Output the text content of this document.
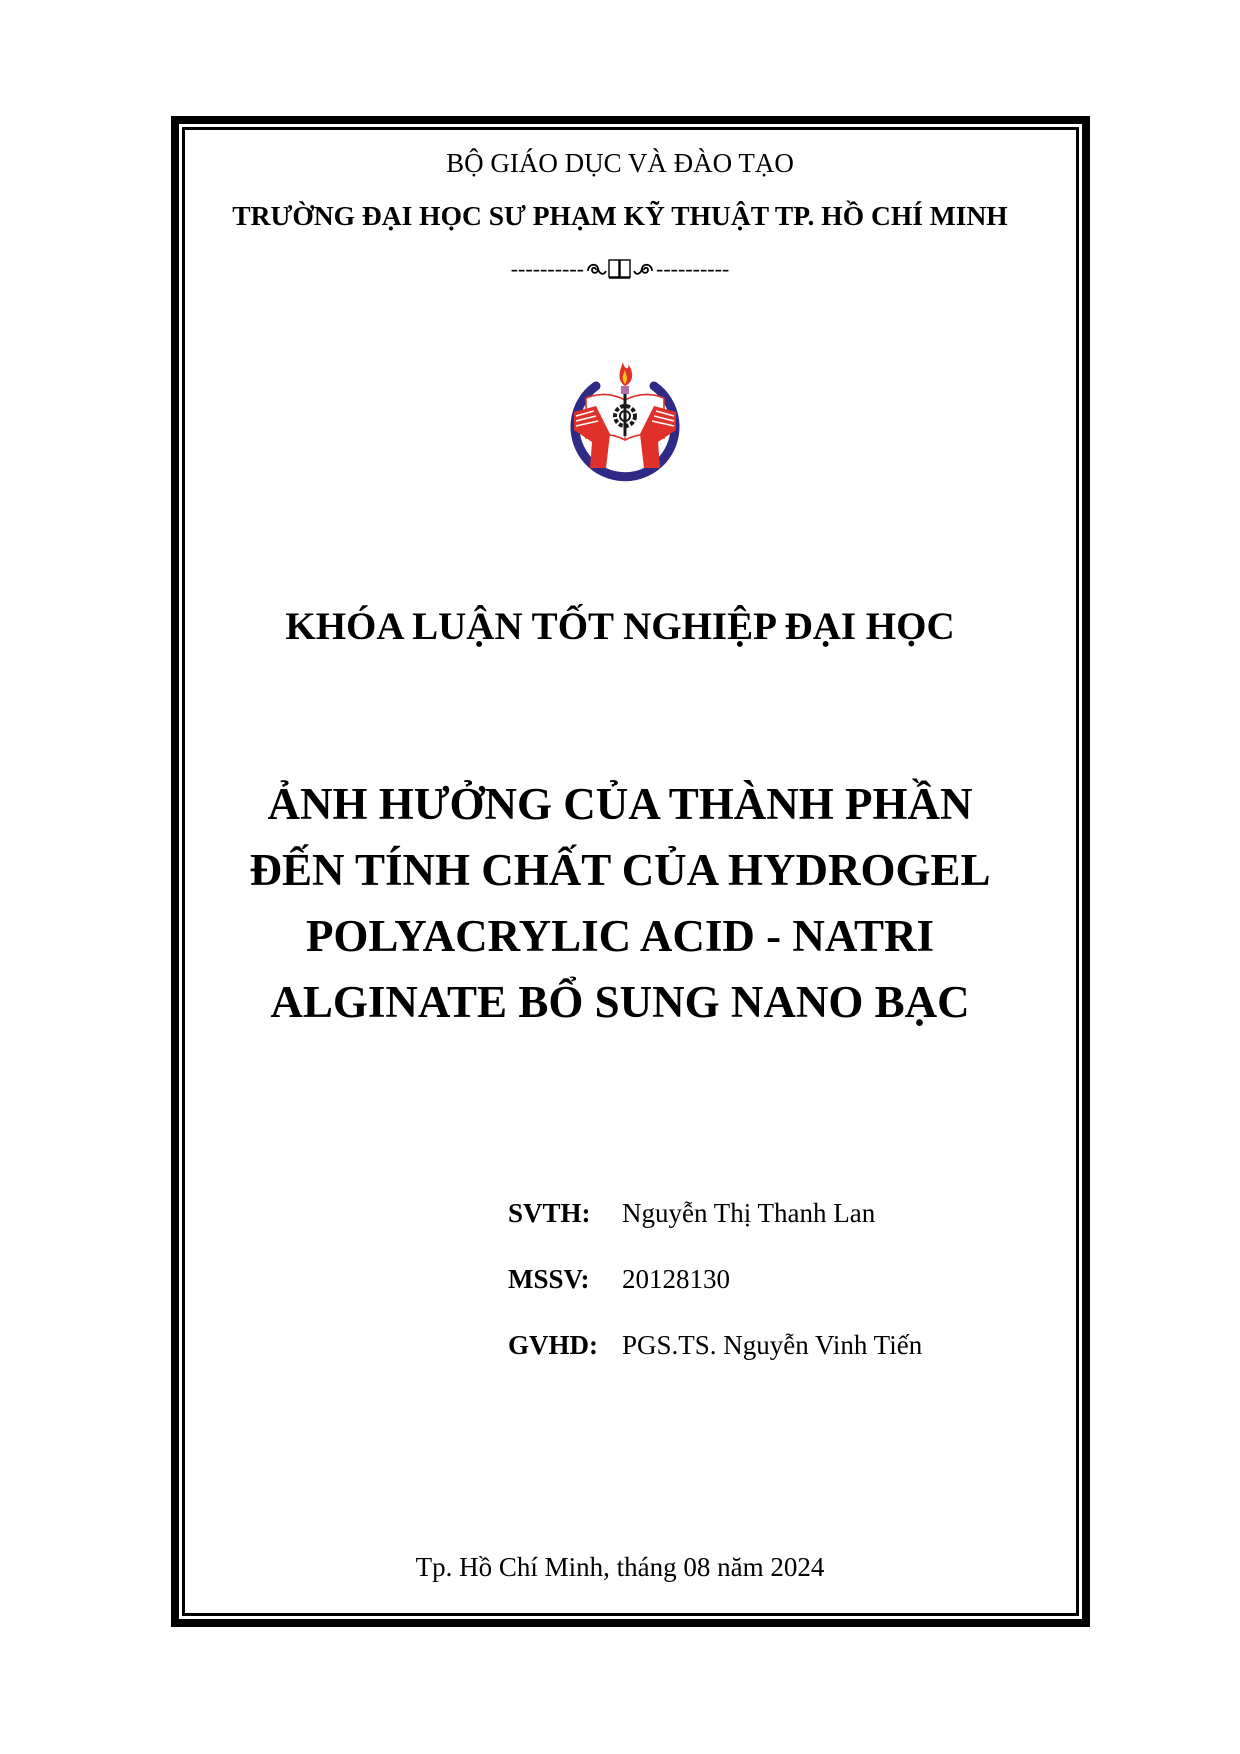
BỘ GIÁO DỤC VÀ ĐÀO TẠO
TRƯỜNG ĐẠI HỌC SƯ PHẠM KỸ THUẬT TP. HỒ CHÍ MINH
----------	----------
KHÓA LUẬN TỐT NGHIỆP ĐẠI HỌC
ẢNH HƯỞNG CỦA THÀNH PHẦN
ĐẾN TÍNH CHẤT CỦA HYDROGEL
POLYACRYLIC ACID - NATRI
ALGINATE BỔ SUNG NANO BẠC
SVTH: Nguyễn Thị Thanh Lan
MSSV: 20128130
GVHD: PGS.TS. Nguyễn Vinh Tiến
Tp. Hồ Chí Minh, tháng 08 năm 2024
